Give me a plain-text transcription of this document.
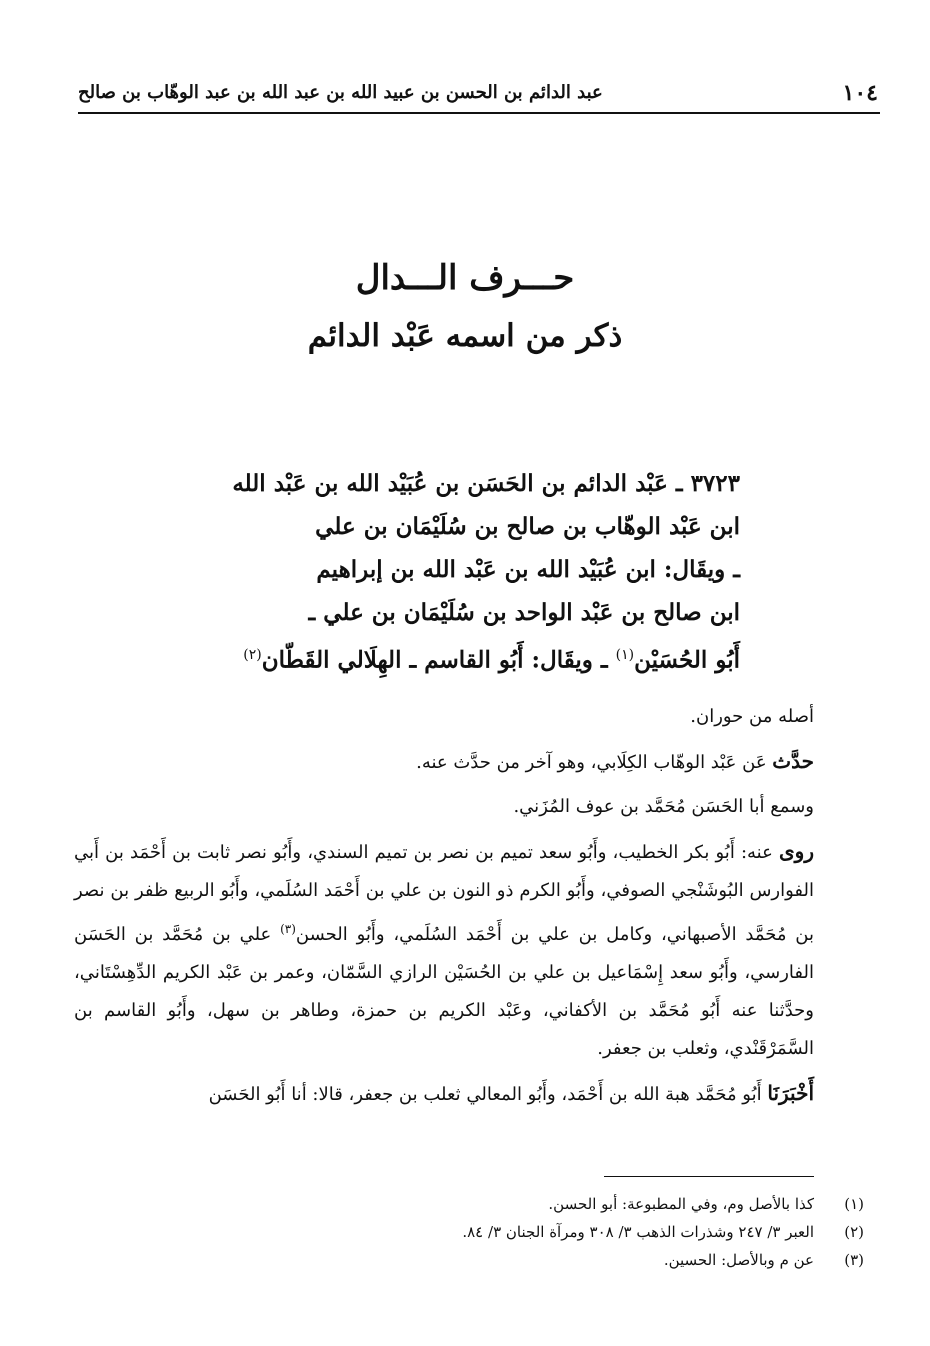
١٠٤
عبد الدائم بن الحسن بن عبيد الله بن عبد الله بن عبد الوهّاب بن صالح
حـــرف الـــدال
ذكر من اسمه عَبْد الدائم
٣٧٢٣ ـ عَبْد الدائم بن الحَسَن بن عُبَيْد الله بن عَبْد الله
ابن عَبْد الوهّاب بن صالح بن سُلَيْمَان بن علي
ـ ويقَال: ابن عُبَيْد الله بن عَبْد الله بن إبراهيم
ابن صالح بن عَبْد الواحد بن سُلَيْمَان بن علي ـ
أَبُو الحُسَيْن$^{(١)}$ ـ ويقَال: أَبُو القاسم ـ الهِلَالي القَطّان$^{(٢)}$

أصله من حوران.

حدَّث عَن عَبْد الوهّاب الكِلَابي، وهو آخر من حدَّث عنه.

وسمع أبا الحَسَن مُحَمَّد بن عوف المُزَني.

روى عنه: أَبُو بكر الخطيب، وأَبُو سعد تميم بن نصر بن تميم السندي، وأَبُو نصر ثابت بن أَحْمَد بن أَبي الفوارس البُوشَنْجي الصوفي، وأَبُو الكرم ذو النون بن علي بن أَحْمَد السُلَمي، وأَبُو الربيع ظفر بن نصر بن مُحَمَّد الأصبهاني، وكامل بن علي بن أَحْمَد السُلَمي، وأَبُو الحسن$^{(٣)}$ علي بن مُحَمَّد بن الحَسَن الفارسي، وأَبُو سعد إِسْمَاعيل بن علي بن الحُسَيْن الرازي السَّمّان، وعمر بن عَبْد الكريم الدِّهِسْتَاني، وحدَّثنا عنه أَبُو مُحَمَّد بن الأكفاني، وعَبْد الكريم بن حمزة، وطاهر بن سهل، وأَبُو القاسم بن السَّمَرْقَنْدي، وثعلب بن جعفر.

أَخْبَرَنَا أَبُو مُحَمَّد هبة الله بن أَحْمَد، وأَبُو المعالي ثعلب بن جعفر، قالا: أنا أَبُو الحَسَن

(١)كذا بالأصل وم، وفي المطبوعة: أبو الحسن.
(٢)العبر ٣/ ٢٤٧ وشذرات الذهب ٣/ ٣٠٨ ومرآة الجنان ٣/ ٨٤.
(٣)عن م وبالأصل: الحسين.
